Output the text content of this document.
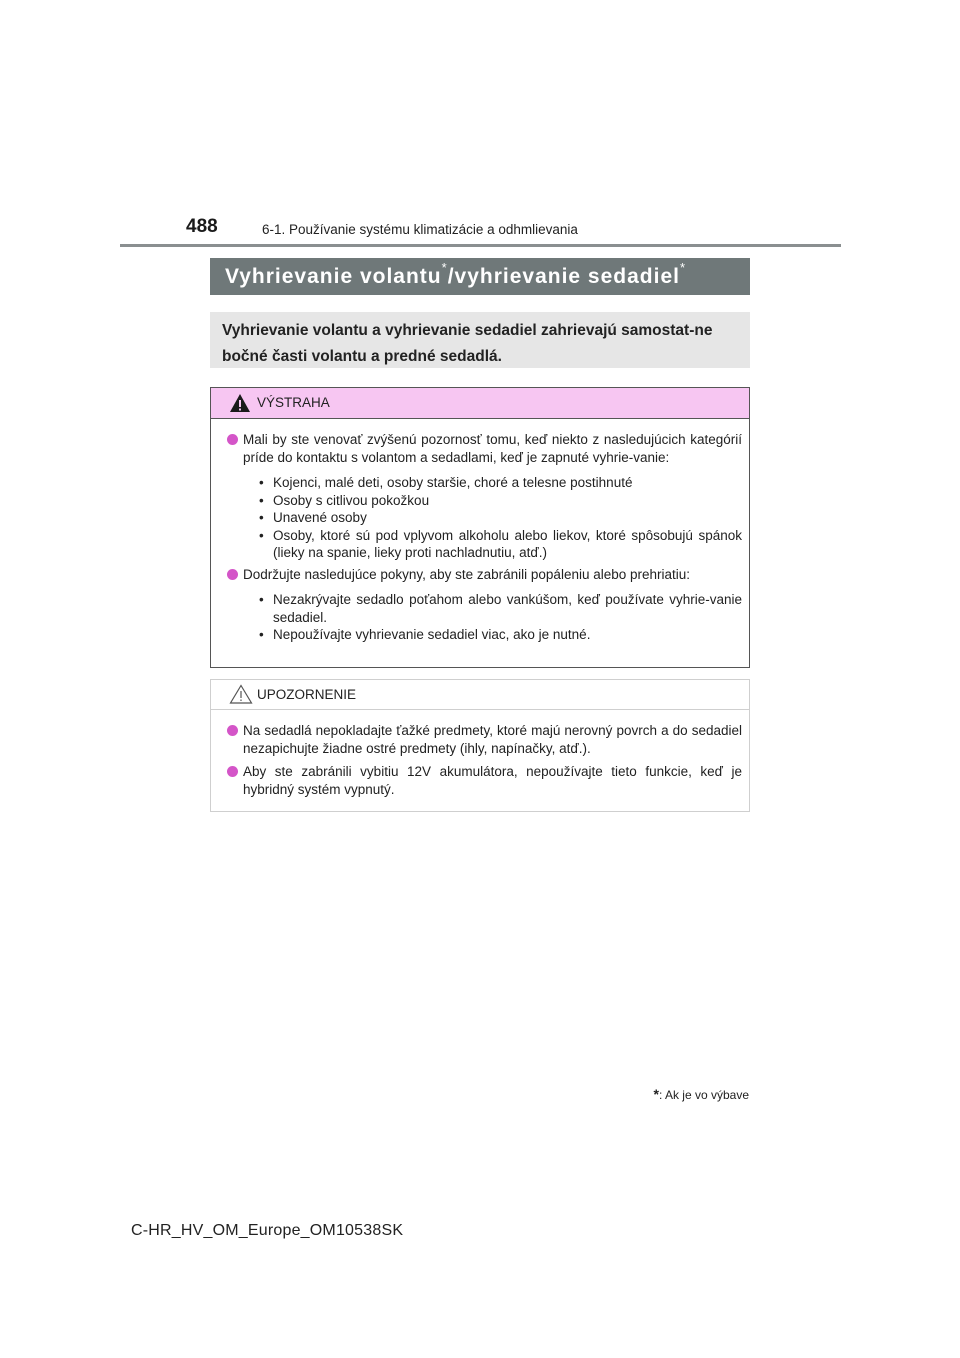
488	6-1. Používanie systému klimatizácie a odhmlievania
Vyhrievanie volantu*/vyhrievanie sedadiel*
Vyhrievanie volantu a vyhrievanie sedadiel zahrievajú samostat-ne bočné časti volantu a predné sedadlá.
VÝSTRAHA
Mali by ste venovať zvýšenú pozornosť tomu, keď niekto z nasledujúcich kategórií príde do kontaktu s volantom a sedadlami, keď je zapnuté vyhrie-vanie:
• Kojenci, malé deti, osoby staršie, choré a telesne postihnuté
• Osoby s citlivou pokožkou
• Unavené osoby
• Osoby, ktoré sú pod vplyvom alkoholu alebo liekov, ktoré spôsobujú spánok (lieky na spanie, lieky proti nachladnutiu, atď.)
Dodržujte nasledujúce pokyny, aby ste zabránili popáleniu alebo prehriatiu:
• Nezakrývajte sedadlo poťahom alebo vankúšom, keď používate vyhrie-vanie sedadiel.
• Nepoužívajte vyhrievanie sedadiel viac, ako je nutné.
UPOZORNENIE
Na sedadlá nepokladajte ťažké predmety, ktoré majú nerovný povrch a do sedadiel nezapichujte žiadne ostré predmety (ihly, napínačky, atď.).
Aby ste zabránili vybitiu 12V akumulátora, nepoužívajte tieto funkcie, keď je hybridný systém vypnutý.
*: Ak je vo výbave
C-HR_HV_OM_Europe_OM10538SK
